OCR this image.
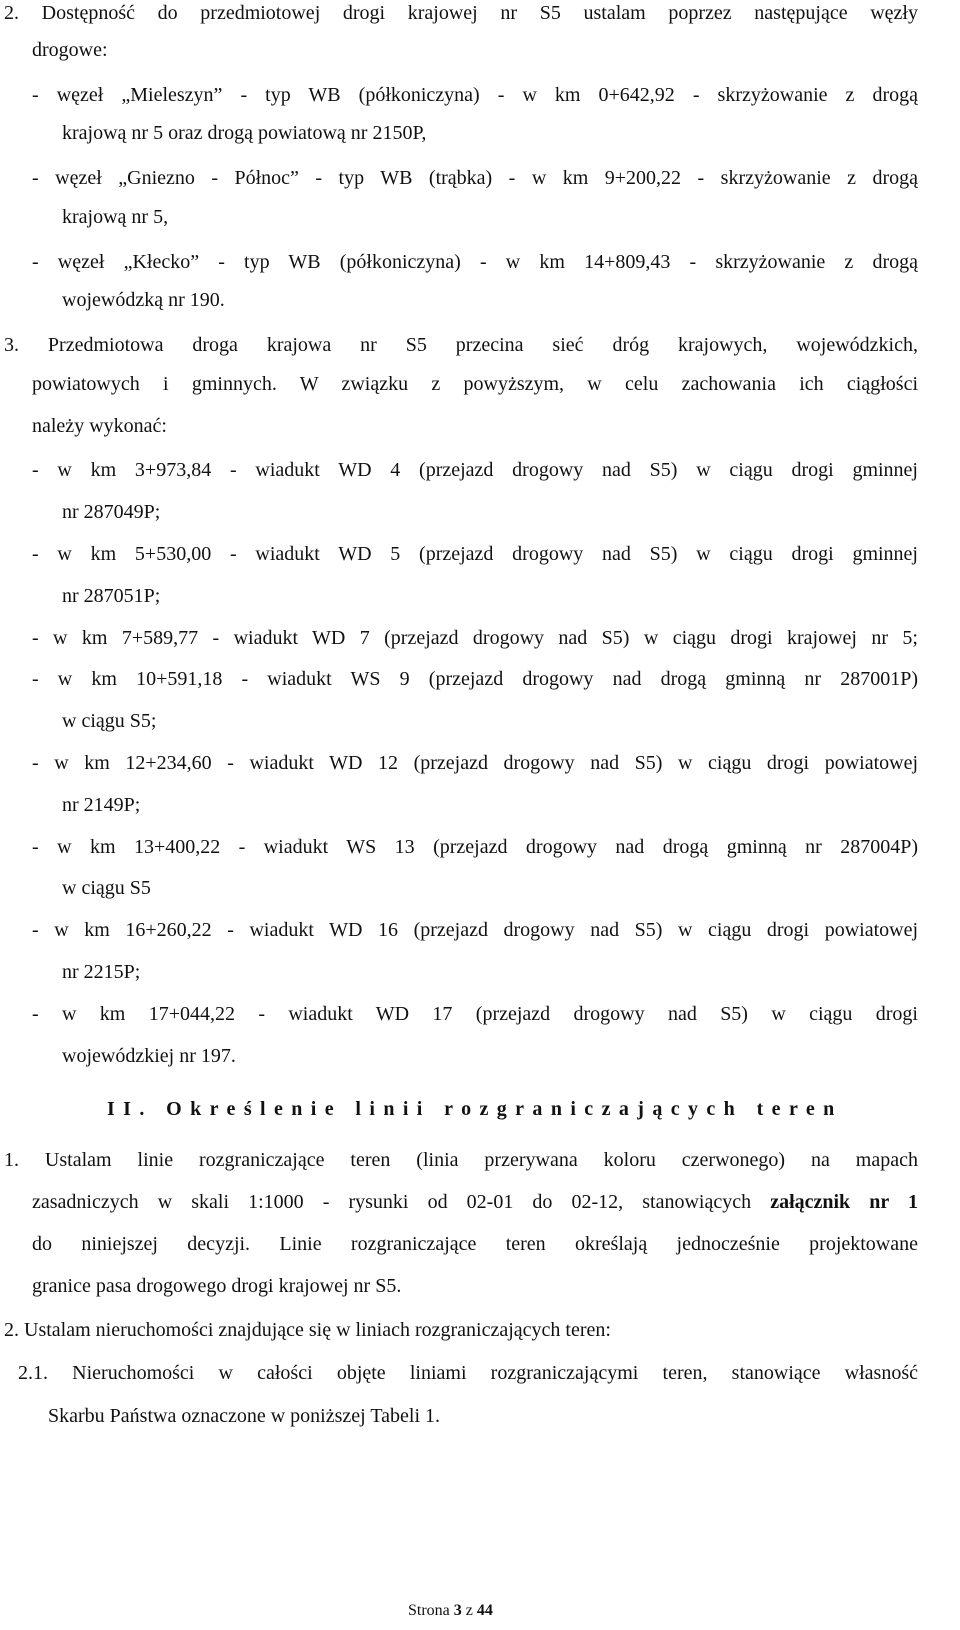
2. Dostępność do przedmiotowej drogi krajowej nr S5 ustalam poprzez następujące węzły
drogowe:
- węzeł „Mieleszyn” - typ WB (półkoniczyna) - w km 0+642,92 - skrzyżowanie z drogą
krajową nr 5 oraz drogą powiatową nr 2150P,
- węzeł „Gniezno - Północ” - typ WB (trąbka) - w km 9+200,22 - skrzyżowanie z drogą
krajową nr 5,
- węzeł „Kłecko” - typ WB (półkoniczyna) - w km 14+809,43 - skrzyżowanie z drogą
wojewódzką nr 190.
3. Przedmiotowa droga krajowa nr S5 przecina sieć dróg krajowych, wojewódzkich,
powiatowych i gminnych. W związku z powyższym, w celu zachowania ich ciągłości
należy wykonać:
- w km 3+973,84 - wiadukt WD 4 (przejazd drogowy nad S5) w ciągu drogi gminnej
nr 287049P;
- w km 5+530,00 - wiadukt WD 5 (przejazd drogowy nad S5) w ciągu drogi gminnej
nr 287051P;
- w km 7+589,77 - wiadukt WD 7 (przejazd drogowy nad S5) w ciągu drogi krajowej nr 5;
- w km 10+591,18 - wiadukt WS 9 (przejazd drogowy nad drogą gminną nr 287001P)
w ciągu S5;
- w km 12+234,60 - wiadukt WD 12 (przejazd drogowy nad S5) w ciągu drogi powiatowej
nr 2149P;
- w km 13+400,22 - wiadukt WS 13 (przejazd drogowy nad drogą gminną nr 287004P)
w ciągu S5
- w km 16+260,22 - wiadukt WD 16 (przejazd drogowy nad S5) w ciągu drogi powiatowej
nr 2215P;
- w km 17+044,22 - wiadukt WD 17 (przejazd drogowy nad S5) w ciągu drogi
wojewódzkiej nr 197.
II. Określenie linii rozgraniczających teren
1. Ustalam linie rozgraniczające teren (linia przerywana koloru czerwonego) na mapach
zasadniczych w skali 1:1000 - rysunki od 02-01 do 02-12, stanowiących załącznik nr 1
do niniejszej decyzji. Linie rozgraniczające teren określają jednocześnie projektowane
granice pasa drogowego drogi krajowej nr S5.
2. Ustalam nieruchomości znajdujące się w liniach rozgraniczających teren:
2.1. Nieruchomości w całości objęte liniami rozgraniczającymi teren, stanowiące własność
Skarbu Państwa oznaczone w poniższej Tabeli 1.
Strona 3 z 44
